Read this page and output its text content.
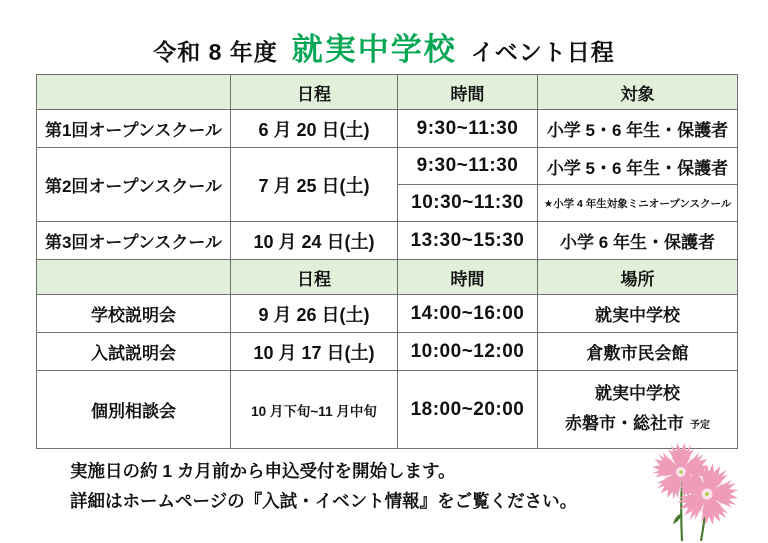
令和 8 年度 就実中学校 イベント日程
	日程	時間	対象
第1回オープンスクール	6 月 20 日(土)	9:30~11:30	小学 5・6 年生・保護者
第2回オープンスクール	7 月 25 日(土)	9:30~11:30	小学 5・6 年生・保護者
		10:30~11:30	★小学 4 年生対象ミニオープンスクール
第3回オープンスクール	10 月 24 日(土)	13:30~15:30	小学 6 年生・保護者
	日程	時間	場所
学校説明会	9 月 26 日(土)	14:00~16:00	就実中学校
入試説明会	10 月 17 日(土)	10:00~12:00	倉敷市民会館
個別相談会	10 月下旬~11 月中旬	18:00~20:00	就実中学校
赤磐市・総社市 予定
実施日の約 1 カ月前から申込受付を開始します。
詳細はホームページの『入試・イベント情報』をご覧ください。
